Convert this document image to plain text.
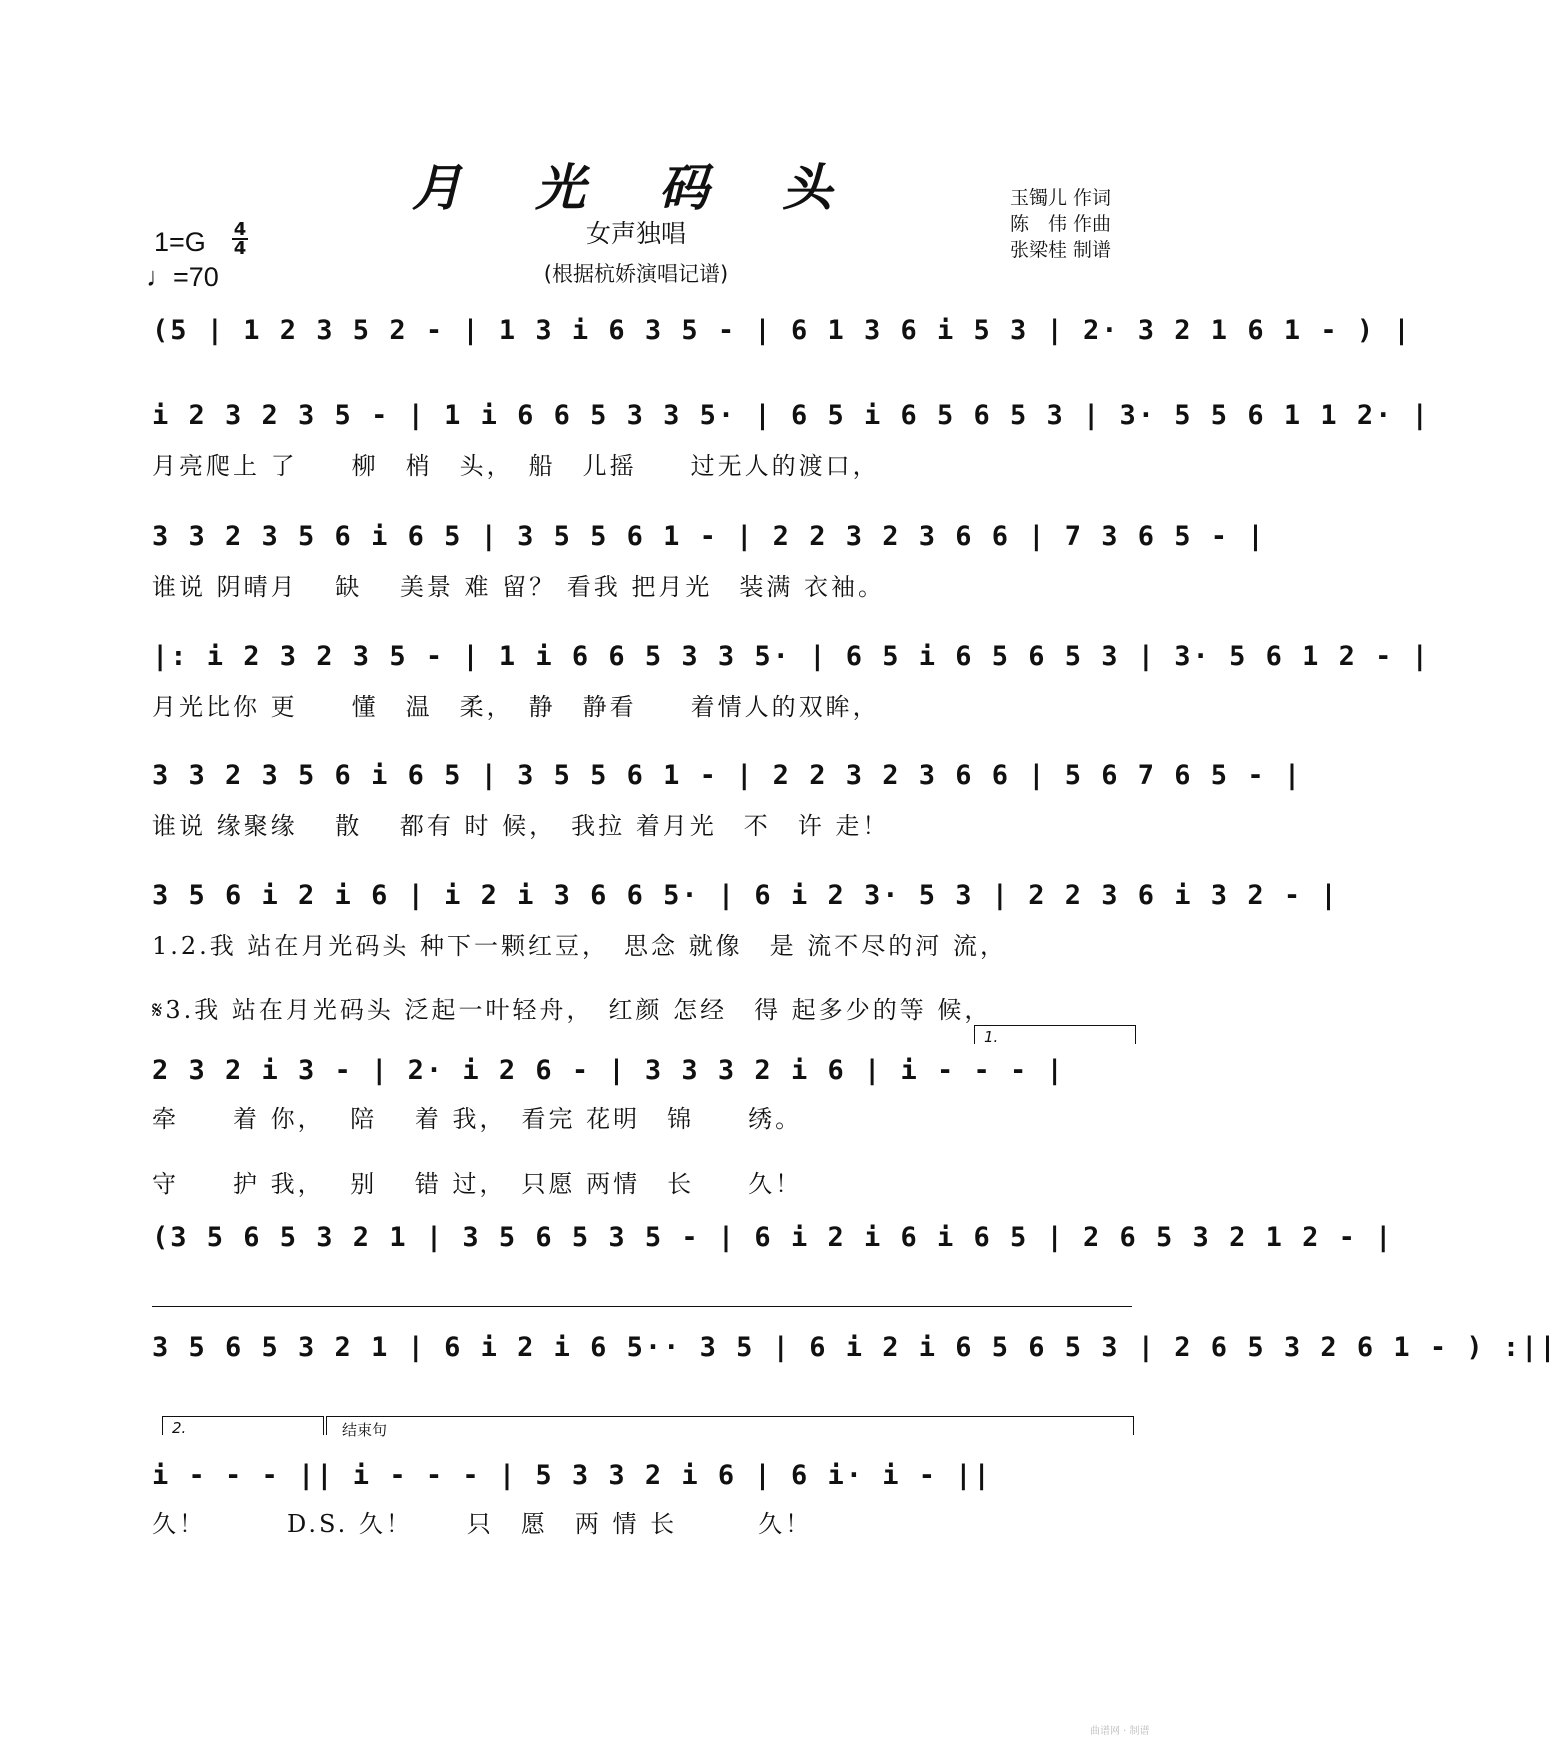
月 光 码 头
女声独唱
(根据杭娇演唱记谱)
玉镯儿 作词
陈　伟 作曲
张梁桂 制谱
1=G 4
4
♩=70
(5 | 1 2 3 5 2 - | 1 3 i 6 3 5 - | 6 1 3 6 i 5 3 | 2· 3 2 1 6 1 - ) |
i 2 3 2 3 5 - | 1 i 6 6 5 3 3 5· | 6 5 i 6 5 6 5 3 | 3· 5 5 6 1 1 2· |
月亮爬上 了　　柳　梢　头，　船　儿摇　　过无人的渡口，
3 3 2 3 5 6 i 6 5 | 3 5 5 6 1 - | 2 2 3 2 3 6 6 | 7 3 6 5 - |
谁说 阴晴月　 缺　 美景 难 留？ 看我 把月光　装满 衣袖。
|: i 2 3 2 3 5 - | 1 i 6 6 5 3 3 5· | 6 5 i 6 5 6 5 3 | 3· 5 6 1 2 - |
月光比你 更　　懂　温　柔，　静　静看　　着情人的双眸，
3 3 2 3 5 6 i 6 5 | 3 5 5 6 1 - | 2 2 3 2 3 6 6 | 5 6 7 6 5 - |
谁说 缘聚缘　 散　 都有 时 候，　我拉 着月光　不　许 走！
3 5 6 i 2 i 6 | i 2 i 3 6 6 5· | 6 i 2 3· 5 3 | 2 2 3 6 i 3 2 - |
1.2.我 站在月光码头 种下一颗红豆，　思念 就像　是 流不尽的河 流，
𝄋3.我 站在月光码头 泛起一叶轻舟，　红颜 怎经　得 起多少的等 候，
1.
2 3 2 i 3 - | 2· i 2 6 - | 3 3 3 2 i 6 | i - - - |
牵　　着 你，　 陪　 着 我，　看完 花明　锦　　绣。
守　　护 我，　 别　 错 过，　只愿 两情　长　　久！
(3 5 6 5 3 2 1 | 3 5 6 5 3 5 - | 6 i 2 i 6 i 6 5 | 2 6 5 3 2 1 2 - |
3 5 6 5 3 2 1 | 6 i 2 i 6 5·· 3 5 | 6 i 2 i 6 5 6 5 3 | 2 6 5 3 2 6 1 - ) :||
2.	结束句
i - - - || i - - - | 5 3 3 2 i 6 | 6 i· i - ||
久！　　　D.S. 久！　　只　愿　两 情 长　　　久！
曲谱网 · 制谱
